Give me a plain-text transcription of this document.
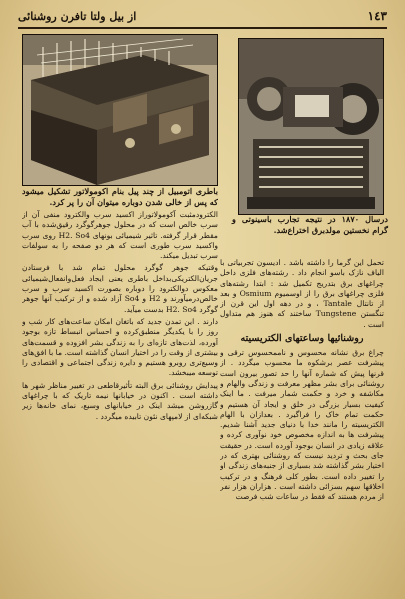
١٤٣
از بیل ولتا تافرن روشنائی
درسال ۱۸۷۰ در نتیجه تجارب باسینوتی و گرام نخستین مولدبرق اختراع‌شد.

باطری اتومبیل از چند پیل بنام اکومولاتور تشکیل میشود که پس از خالی شدن دوباره میتوان آن را پر کرد.

الکترودمثبت آکومولاتوراز اکسید سرب والکترود منفی آن از سرب خالص است که در محلول جوهرگوگرد رقیق‌شده با آب مقطر قرار گرفته. تاثیر شیمیائی بونهای H2. So4 روی سرب واکسید سرب طوری است که هر دو صفحه را به سولفات سرب تبدیل میکند.

وقتیکه جوهر گوگرد محلول تمام شد با فرستادن جریان‌الکتریکی‌بداخل باطری یعنی ایجاد فعل‌وانفعال‌شیمیائی معکوس دوالکترود را دوباره بصورت اکسید سرب و سرب خالص‌درمیآورند و H2 و So4 آزاد شده و از ترکیب آنها جوهر گوگرد H2. So4 بدست میآید.

دارند . این تمدن جدید که باتغان امکان ساعت‌های کار شب و روز را با یکدیگر منطبق‌کرده و احساس انبساط تازه بوجود آورده، لذت‌های تازه‌ای را به زندگی بشر افزوده و قسمت‌های بیشتری از وقت را در اختیار انسان گذاشته است. ما با افق‌های وسیع‌تری روبرو هستیم و دایره زندگی اجتماعی و اقتصادی را توسعه میبخشد.

پیدایش روشنائی برق البته تأثیرقاطعی در تغییر مناظر شهر ها داشته است . اکنون در خیابانها نیمه تاریک که با چراغهای گازروشن میشد اینک در خیابانهای وسیع، نمای خانه‌ها زیر شبکه‌ای از لامپهای نئون تابیده میگردد .

تحمل این گرما را داشته باشد . ادیسون تجربیاتی با الیاف نازک باسو انجام داد . رشته‌های فلزی داخل چراغهای برق بتدریج تکمیل شد : ابتدا رشته‌های فلزی چراغهای برق را از اوسمیوم Osmium و بعد از تانتال Tantale ، و در دهه اول این قرن از تنگستن Tungstene ساختند که هنوز هم متداول است .

روشنائیها وساعتهای الکتریسیته

چراغ برق نشانه محسوس و ناممحسوس ترقی و پیشرفت عصر برشکوه ما محسوب میگردد . از قرنها پیش که شماره آنها را حد تصور بیرون است روشنائی برای بشر مظهر معرفت و زندگی والهام و مکاشفه و خرد و حکمت شمار میرفت . ما اینک کیفیت بسیار بزرگی در خلق و ایجاد آن هستیم و حکمت تمام خاک را فراگیرد . بعدازان با الهام الکتریسیته را مانند خدا با دنیای جدید آشنا شدیم. پیشرفت ها به اندازه مخصوص خود نوآوری کرده و علاقه زیادی در انسان بوجود آورده است. در حقیقت جای بحث و تردید نیست که روشنائی بهتری که در اختیار بشر گذاشته شد بسیاری از جنبه‌های زندگی او را تغییر داده است. بطور کلی فرهنگ و در ترکیب اخلاقها سهم بسزائی داشته است . هزاران هزار نفر از مردم هستند که فقط در ساعات شب فرصت
